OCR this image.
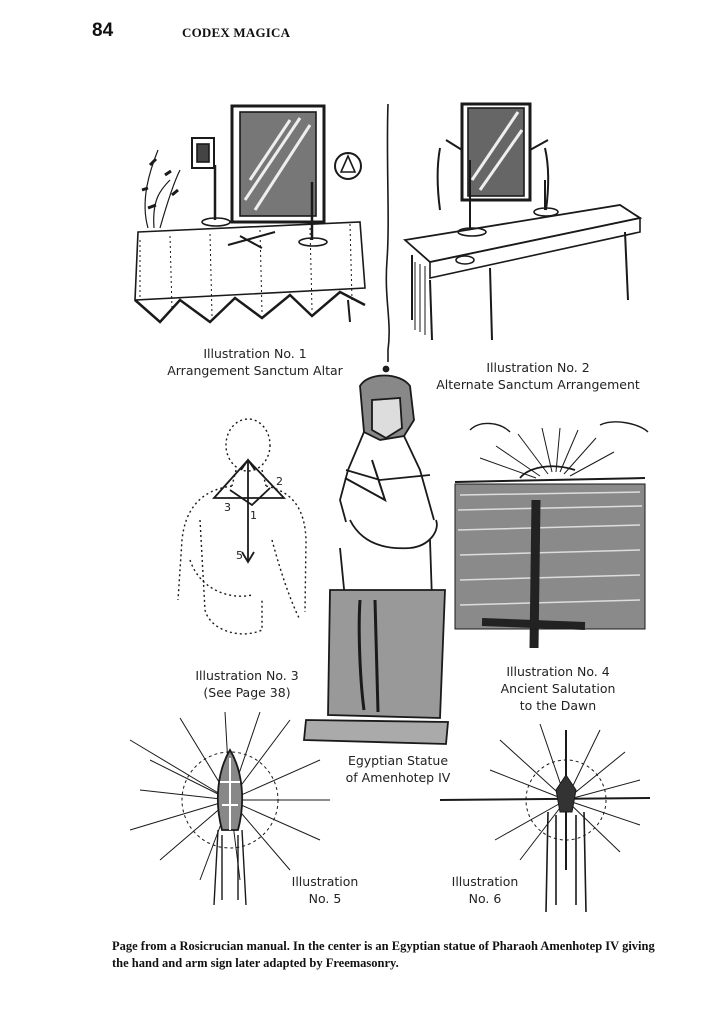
84	CODEX MAGICA
Illustration No. 1
Arrangement Sanctum Altar	Illustration No. 2
Alternate Sanctum Arrangement
1
2
3
5
Illustration No. 3
(See Page 38)
Illustration No. 4
Ancient Salutation
to the Dawn
Egyptian Statue
of Amenhotep IV
Illustration
No. 5
Illustration
No. 6
Page from a Rosicrucian manual. In the center is an Egyptian statue of Pharaoh Amenhotep IV giving the hand and arm sign later adapted by Freemasonry.
